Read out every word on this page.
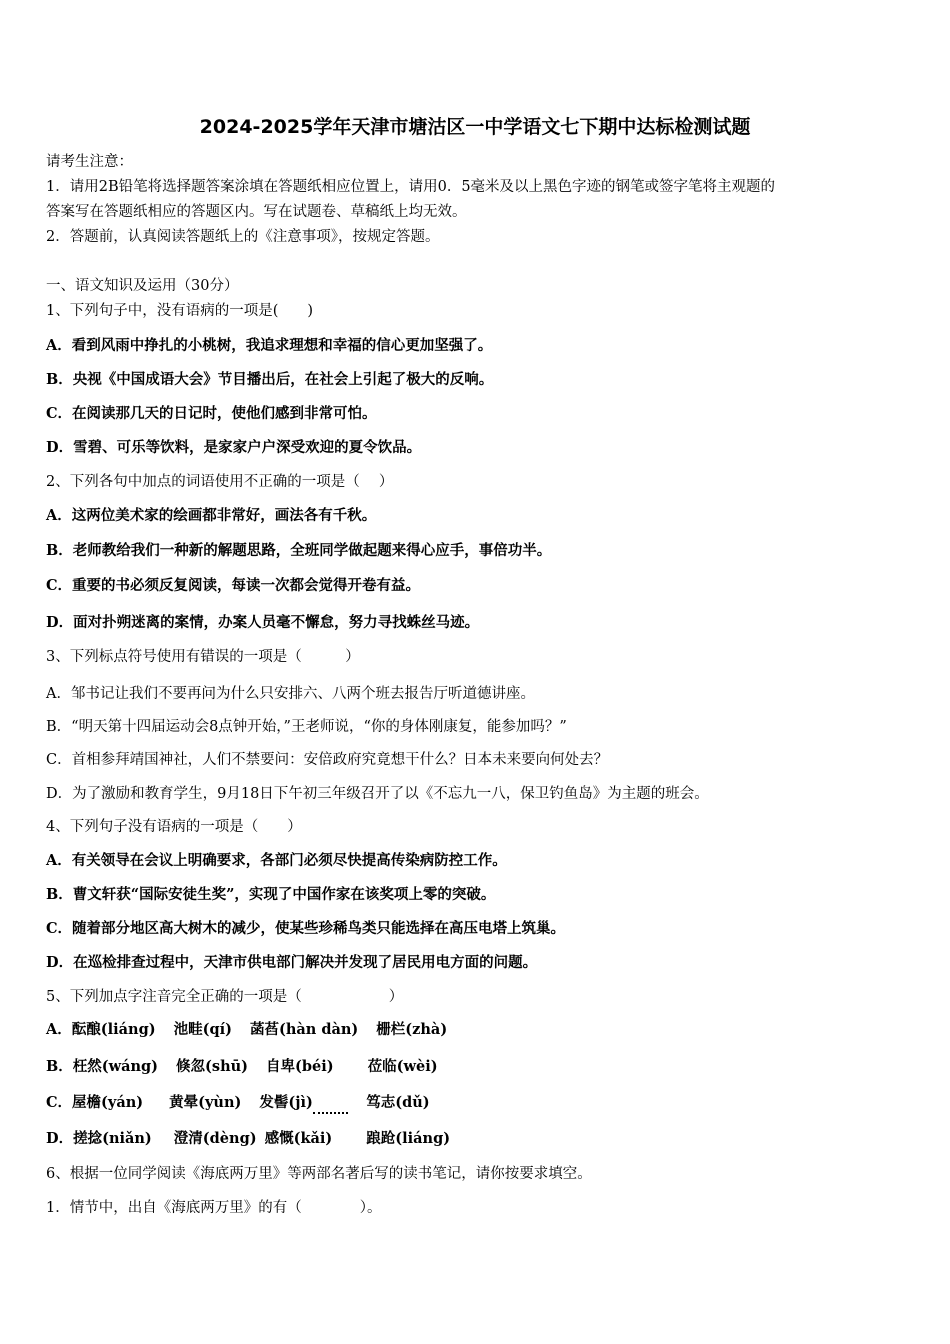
2024-2025学年天津市塘沽区一中学语文七下期中达标检测试题
请考生注意：
1．请用2B铅笔将选择题答案涂填在答题纸相应位置上，请用0．5毫米及以上黑色字迹的钢笔或签字笔将主观题的
答案写在答题纸相应的答题区内。写在试题卷、草稿纸上均无效。
2．答题前，认真阅读答题纸上的《注意事项》，按规定答题。
一、语文知识及运用（30分）
1、下列句子中，没有语病的一项是(　　)
A．看到风雨中挣扎的小桃树，我追求理想和幸福的信心更加坚强了。
B．央视《中国成语大会》节目播出后，在社会上引起了极大的反响。
C．在阅读那几天的日记时，使他们感到非常可怕。
D．雪碧、可乐等饮料，是家家户户深受欢迎的夏令饮品。
2、下列各句中加点的词语使用不正确的一项是（　 ）
A．这两位美术家的绘画都非常好，画法各有千秋。
B．老师教给我们一种新的解题思路，全班同学做起题来得心应手，事倍功半。
C．重要的书必须反复阅读，每读一次都会觉得开卷有益。
D．面对扑朔迷离的案情，办案人员毫不懈怠，努力寻找蛛丝马迹。
3、下列标点符号使用有错误的一项是（　　　）
A．邹书记让我们不要再问为什么只安排六、八两个班去报告厅听道德讲座。
B．“明天第十四届运动会8点钟开始，”王老师说，“你的身体刚康复，能参加吗？”
C．首相参拜靖国神社，人们不禁要问：安倍政府究竟想干什么？日本未来要向何处去？
D．为了激励和教育学生，9月18日下午初三年级召开了以《不忘九一八，保卫钓鱼岛》为主题的班会。
4、下列句子没有语病的一项是（　　）
A．有关领导在会议上明确要求，各部门必须尽快提高传染病防控工作。
B．曹文轩获“国际安徒生奖”，实现了中国作家在该奖项上零的突破。
C．随着部分地区高大树木的减少，使某些珍稀鸟类只能选择在高压电塔上筑巢。
D．在巡检排查过程中，天津市供电部门解决并发现了居民用电方面的问题。
5、下列加点字注音完全正确的一项是（　　　　　　）
A．酝酿(liáng) 池畦(qí) 菡萏(hàn dàn) 栅栏(zhà)
B．枉然(wáng) 倏忽(shū) 自卑(béi) 莅临(wèi)
C．屋檐(yán) 黄晕(yùn) 发髻(jì)	笃志(dǔ)
D．搓捻(niǎn) 澄清(dèng) 感慨(kǎi) 踉跄(liáng)
6、根据一位同学阅读《海底两万里》等两部名著后写的读书笔记，请你按要求填空。
1．情节中，出自《海底两万里》的有（　　　　）。
